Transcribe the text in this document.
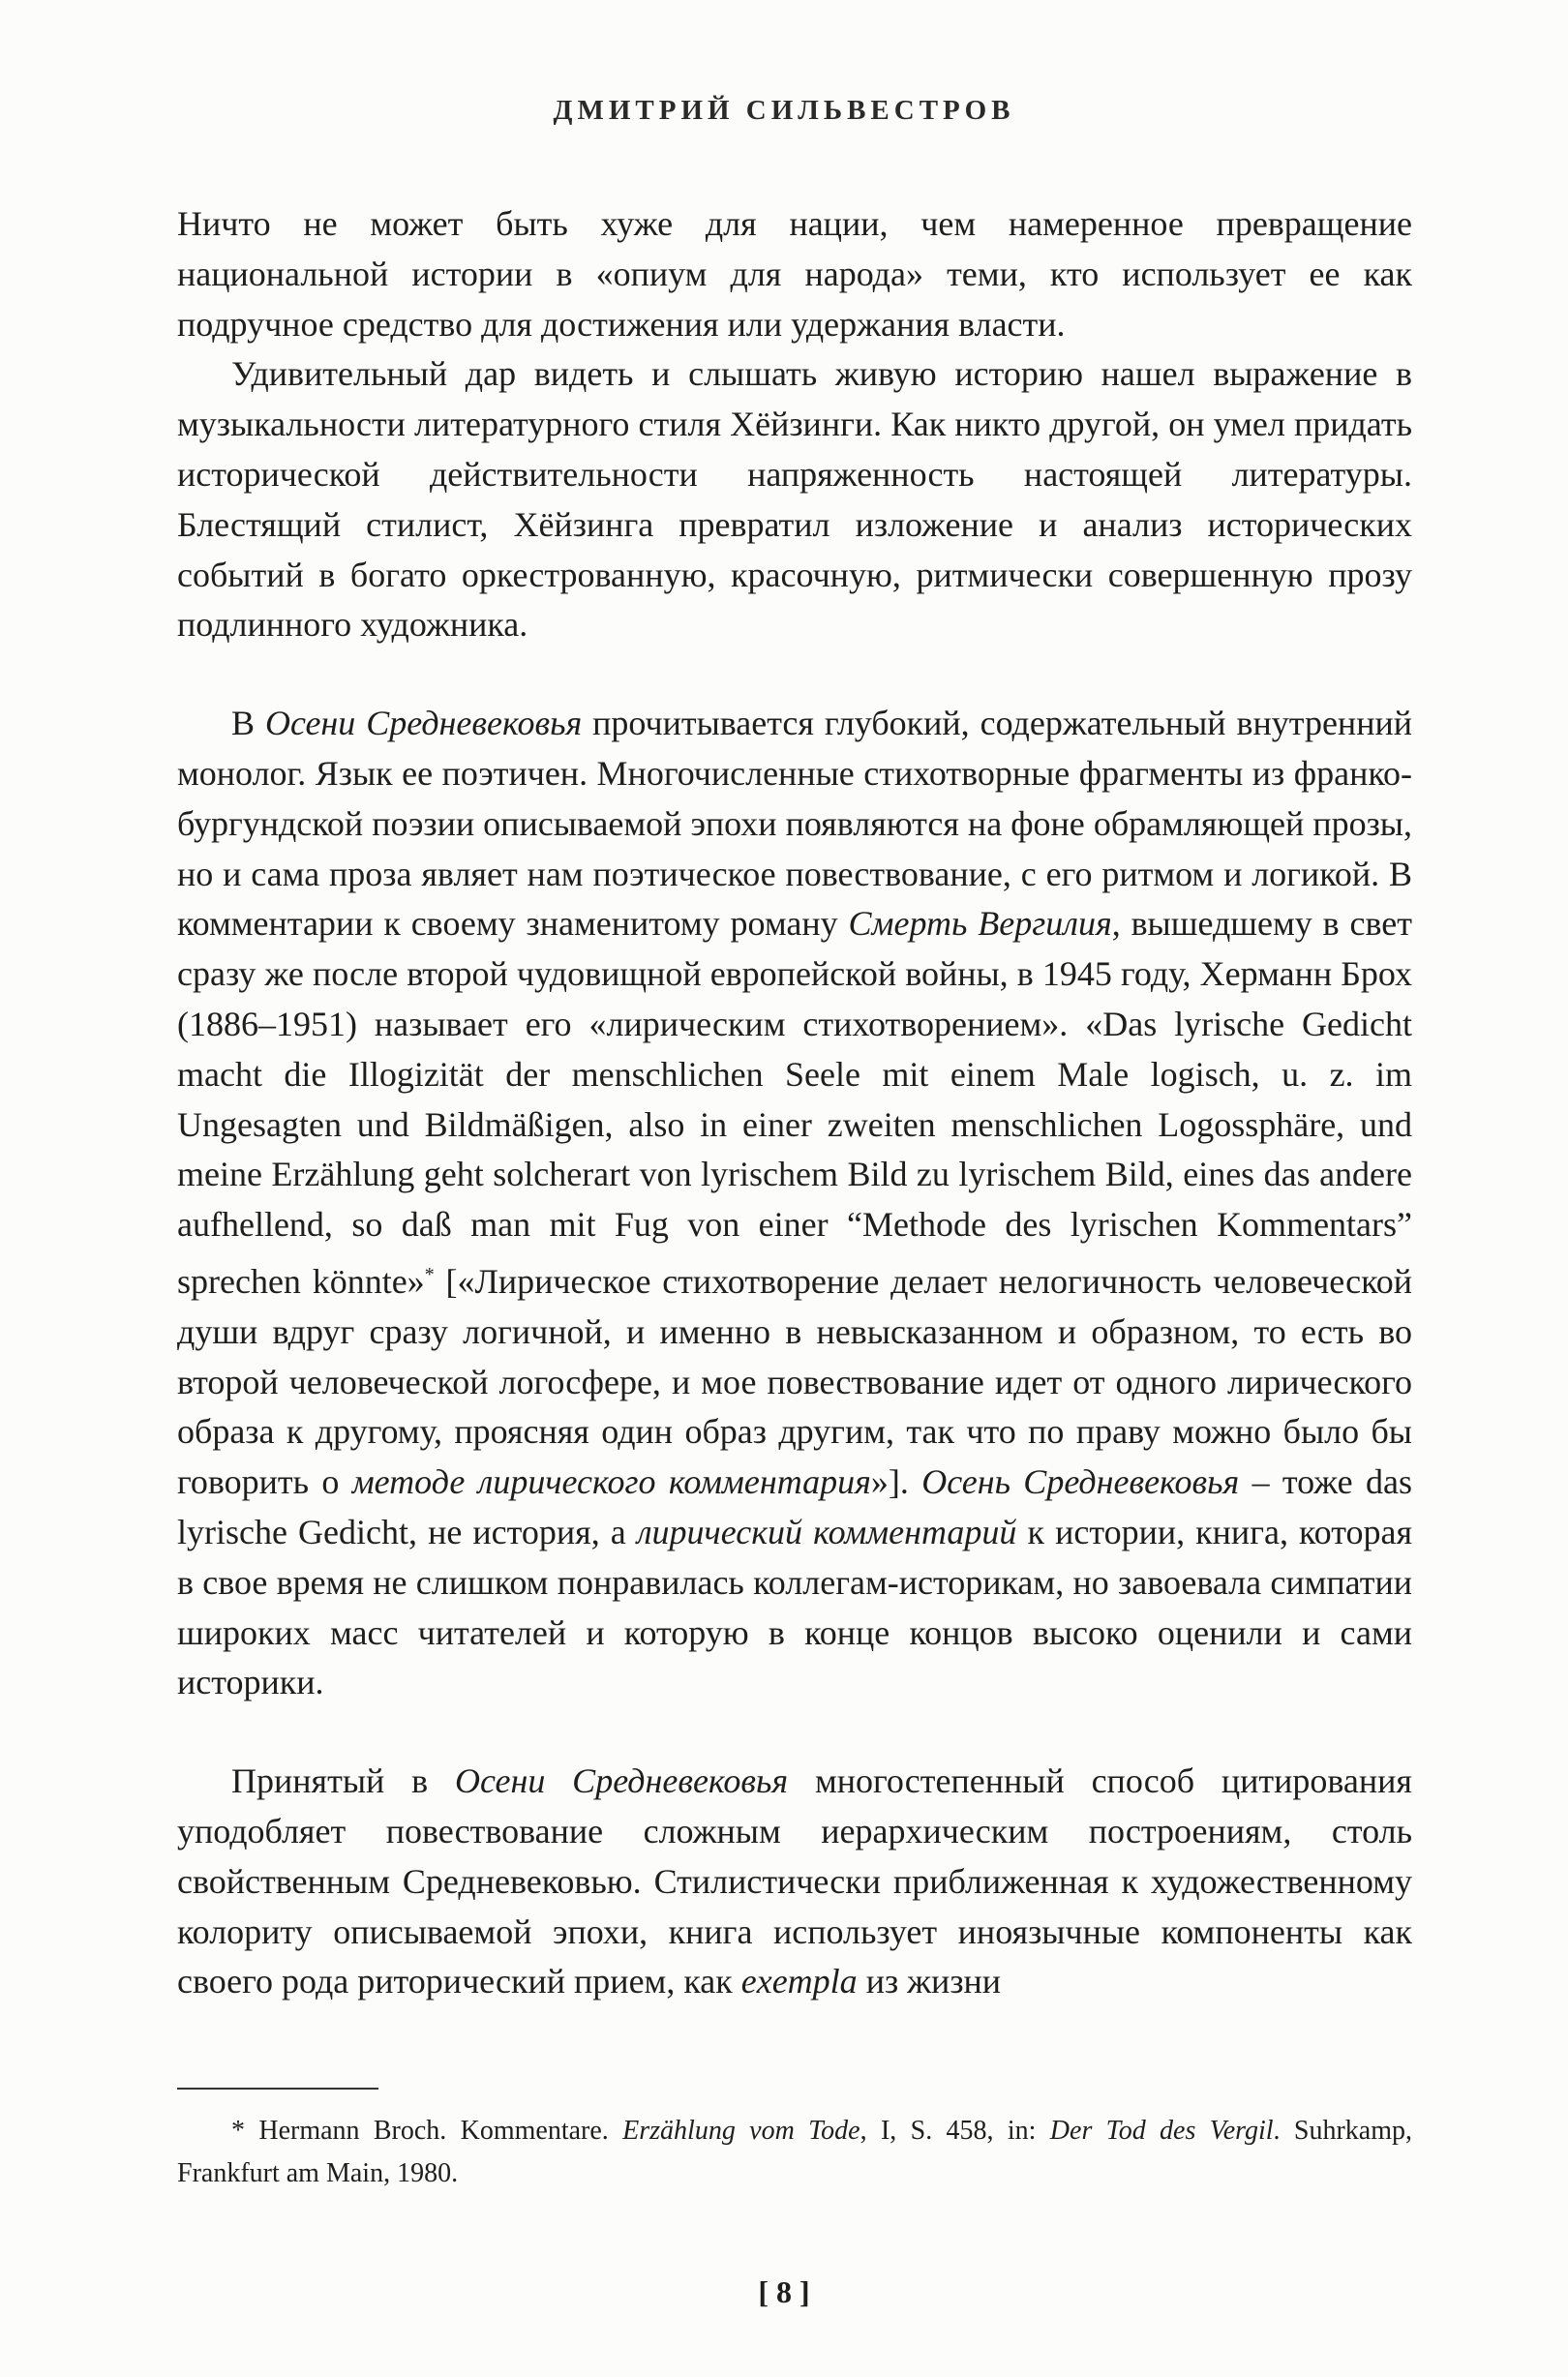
ДМИТРИЙ СИЛЬВЕСТРОВ

Ничто не может быть хуже для нации, чем намеренное превращение национальной истории в «опиум для народа» теми, кто использует ее как подручное средство для достижения или удержания власти.

Удивительный дар видеть и слышать живую историю нашел выражение в музыкальности литературного стиля Хёйзинги. Как никто другой, он умел придать исторической действительности напряженность настоящей литературы. Блестящий стилист, Хёйзинга превратил изложение и анализ исторических событий в богато оркестрованную, красочную, ритмически совершенную прозу подлинного художника.

В Осени Средневековья прочитывается глубокий, содержательный внутренний монолог. Язык ее поэтичен. Многочисленные стихотворные фрагменты из франко-бургундской поэзии описываемой эпохи появляются на фоне обрамляющей прозы, но и сама проза являет нам поэтическое повествование, с его ритмом и логикой. В комментарии к своему знаменитому роману Смерть Вергилия, вышедшему в свет сразу же после второй чудовищной европейской войны, в 1945 году, Херманн Брох (1886–1951) называет его «лирическим стихотворением». «Das lyrische Gedicht macht die Illogizität der menschlichen Seele mit einem Male logisch, u. z. im Ungesagten und Bildmäßigen, also in einer zweiten menschlichen Logossphäre, und meine Erzählung geht solcherart von lyrischem Bild zu lyrischem Bild, eines das andere aufhellend, so daß man mit Fug von einer “Methode des lyrischen Kommentars” sprechen könnte»* [«Лирическое стихотворение делает нелогичность человеческой души вдруг сразу логичной, и именно в невысказанном и образном, то есть во второй человеческой логосфере, и мое повествование идет от одного лирического образа к другому, проясняя один образ другим, так что по праву можно было бы говорить о методе лирического комментария»]. Осень Средневековья – тоже das lyrische Gedicht, не история, а лирический комментарий к истории, книга, которая в свое время не слишком понравилась коллегам-историкам, но завоевала симпатии широких масс читателей и которую в конце концов высоко оценили и сами историки.

Принятый в Осени Средневековья многостепенный способ цитирования уподобляет повествование сложным иерархическим построениям, столь свойственным Средневековью. Стилистически приближенная к художественному колориту описываемой эпохи, книга использует иноязычные компоненты как своего рода риторический прием, как exempla из жизни

* Hermann Broch. Kommentare. Erzählung vom Tode, I, S. 458, in: Der Tod des Vergil. Suhrkamp, Frankfurt am Main, 1980.
[ 8 ]
